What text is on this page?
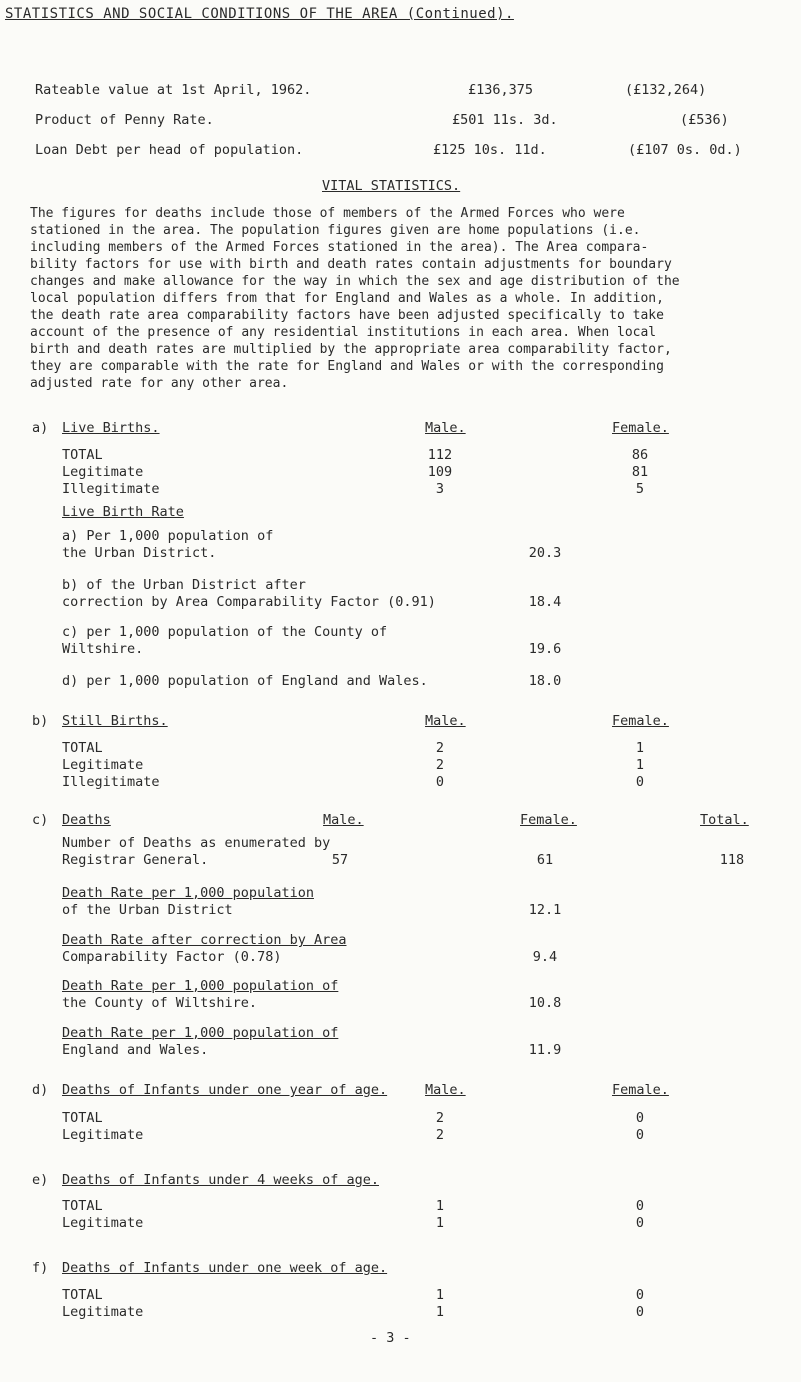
STATISTICS AND SOCIAL CONDITIONS OF THE AREA (Continued).
Rateable value at 1st April, 1962.	£136,375	(£132,264)
Product of Penny Rate.	£501 11s. 3d.	(£536)
Loan Debt per head of population.	£125 10s. 11d.	(£107 0s. 0d.)
VITAL STATISTICS.
The figures for deaths include those of members of the Armed Forces who were
stationed in the area. The population figures given are home populations (i.e.
including members of the Armed Forces stationed in the area). The Area compara-
bility factors for use with birth and death rates contain adjustments for boundary
changes and make allowance for the way in which the sex and age distribution of the
local population differs from that for England and Wales as a whole. In addition,
the death rate area comparability factors have been adjusted specifically to take
account of the presence of any residential institutions in each area. When local
birth and death rates are multiplied by the appropriate area comparability factor,
they are comparable with the rate for England and Wales or with the corresponding
adjusted rate for any other area.
a) Live Births.	Male.	Female.
TOTAL	112	86
Legitimate	109	81
Illegitimate	3	5
Live Birth Rate
a) Per 1,000 population of
the Urban District.	20.3
b) of the Urban District after
correction by Area Comparability Factor (0.91)	18.4
c) per 1,000 population of the County of
Wiltshire.	19.6
d) per 1,000 population of England and Wales.	18.0
b) Still Births.	Male.	Female.
TOTAL	2	1
Legitimate	2	1
Illegitimate	0	0
c) Deaths	Male.	Female.	Total.
Number of Deaths as enumerated by
Registrar General.	57	61	118
Death Rate per 1,000 population
of the Urban District	12.1
Death Rate after correction by Area
Comparability Factor (0.78)	9.4
Death Rate per 1,000 population of
the County of Wiltshire.	10.8
Death Rate per 1,000 population of
England and Wales.	11.9
d) Deaths of Infants under one year of age.	Male.	Female.
TOTAL	2	0
Legitimate	2	0
e) Deaths of Infants under 4 weeks of age.
TOTAL	1	0
Legitimate	1	0
f) Deaths of Infants under one week of age.
TOTAL	1	0
Legitimate	1	0
- 3 -
